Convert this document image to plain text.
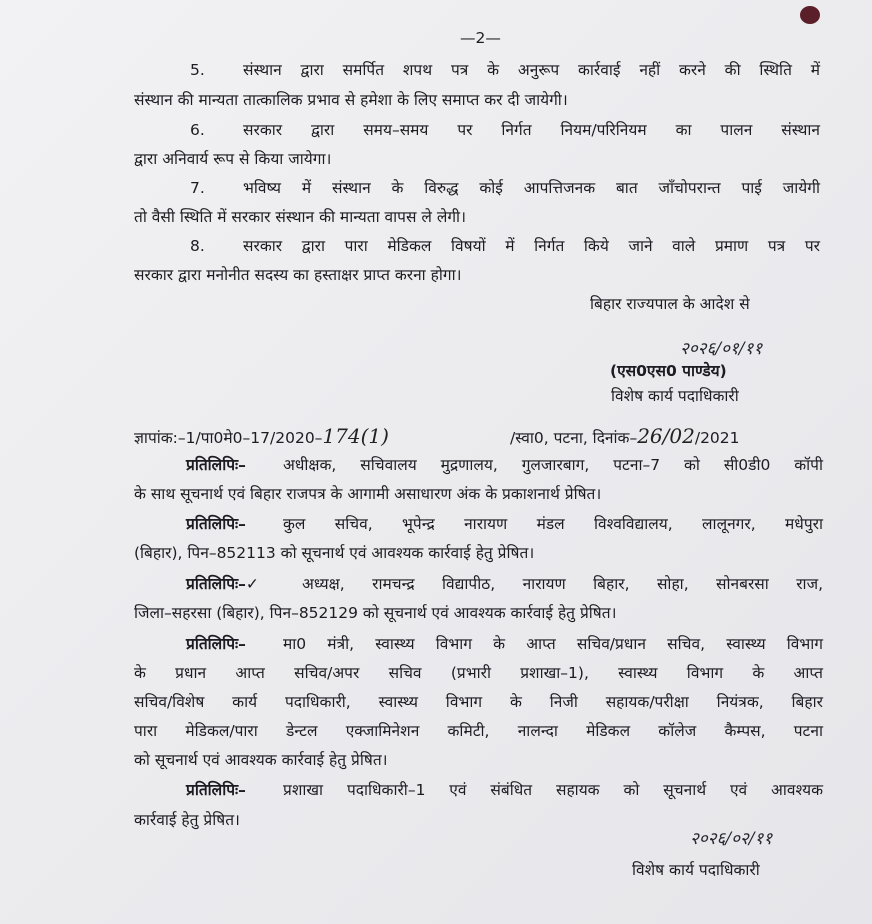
—2—
5. संस्थान द्वारा समर्पित शपथ पत्र के अनुरूप कार्रवाई नहीं करने की स्थिति में
संस्थान की मान्यता तात्कालिक प्रभाव से हमेशा के लिए समाप्त कर दी जायेगी।
6. सरकार द्वारा समय–समय पर निर्गत नियम/परिनियम का पालन संस्थान
द्वारा अनिवार्य रूप से किया जायेगा।
7. भविष्य में संस्थान के विरुद्ध कोई आपत्तिजनक बात जाँचोपरान्त पाई जायेगी
तो वैसी स्थिति में सरकार संस्थान की मान्यता वापस ले लेगी।
8. सरकार द्वारा पारा मेडिकल विषयों में निर्गत किये जाने वाले प्रमाण पत्र पर
सरकार द्वारा मनोनीत सदस्य का हस्ताक्षर प्राप्त करना होगा।
बिहार राज्यपाल के आदेश से
२०२६/०१/११
(एस0एस0 पाण्डेय)
विशेष कार्य पदाधिकारी
ज्ञापांक:–1/पा0मे0–17/2020–174(1)	/स्वा0, पटना, दिनांक–26/02/2021
प्रतिलिपिः– अधीक्षक, सचिवालय मुद्रणालय, गुलजारबाग, पटना–7 को सी0डी0 कॉपी
के साथ सूचनार्थ एवं बिहार राजपत्र के आगामी असाधारण अंक के प्रकाशनार्थ प्रेषित।
प्रतिलिपिः– कुल सचिव, भूपेन्द्र नारायण मंडल विश्वविद्यालय, लालूनगर, मधेपुरा
(बिहार), पिन–852113 को सूचनार्थ एवं आवश्यक कार्रवाई हेतु प्रेषित।
प्रतिलिपिः–✓	अध्यक्ष, रामचन्द्र विद्यापीठ, नारायण बिहार, सोहा, सोनबरसा राज,
जिला–सहरसा (बिहार), पिन–852129 को सूचनार्थ एवं आवश्यक कार्रवाई हेतु प्रेषित।
प्रतिलिपिः– मा0 मंत्री, स्वास्थ्य विभाग के आप्त सचिव/प्रधान सचिव, स्वास्थ्य विभाग
के प्रधान आप्त सचिव/अपर सचिव (प्रभारी प्रशाखा–1), स्वास्थ्य विभाग के आप्त
सचिव/विशेष कार्य पदाधिकारी, स्वास्थ्य विभाग के निजी सहायक/परीक्षा नियंत्रक, बिहार
पारा मेडिकल/पारा डेन्टल एक्जामिनेशन कमिटी, नालन्दा मेडिकल कॉलेज कैम्पस, पटना
को सूचनार्थ एवं आवश्यक कार्रवाई हेतु प्रेषित।
प्रतिलिपिः– प्रशाखा पदाधिकारी–1 एवं संबंधित सहायक को सूचनार्थ एवं आवश्यक
कार्रवाई हेतु प्रेषित।
२०२६/०२/११
विशेष कार्य पदाधिकारी
